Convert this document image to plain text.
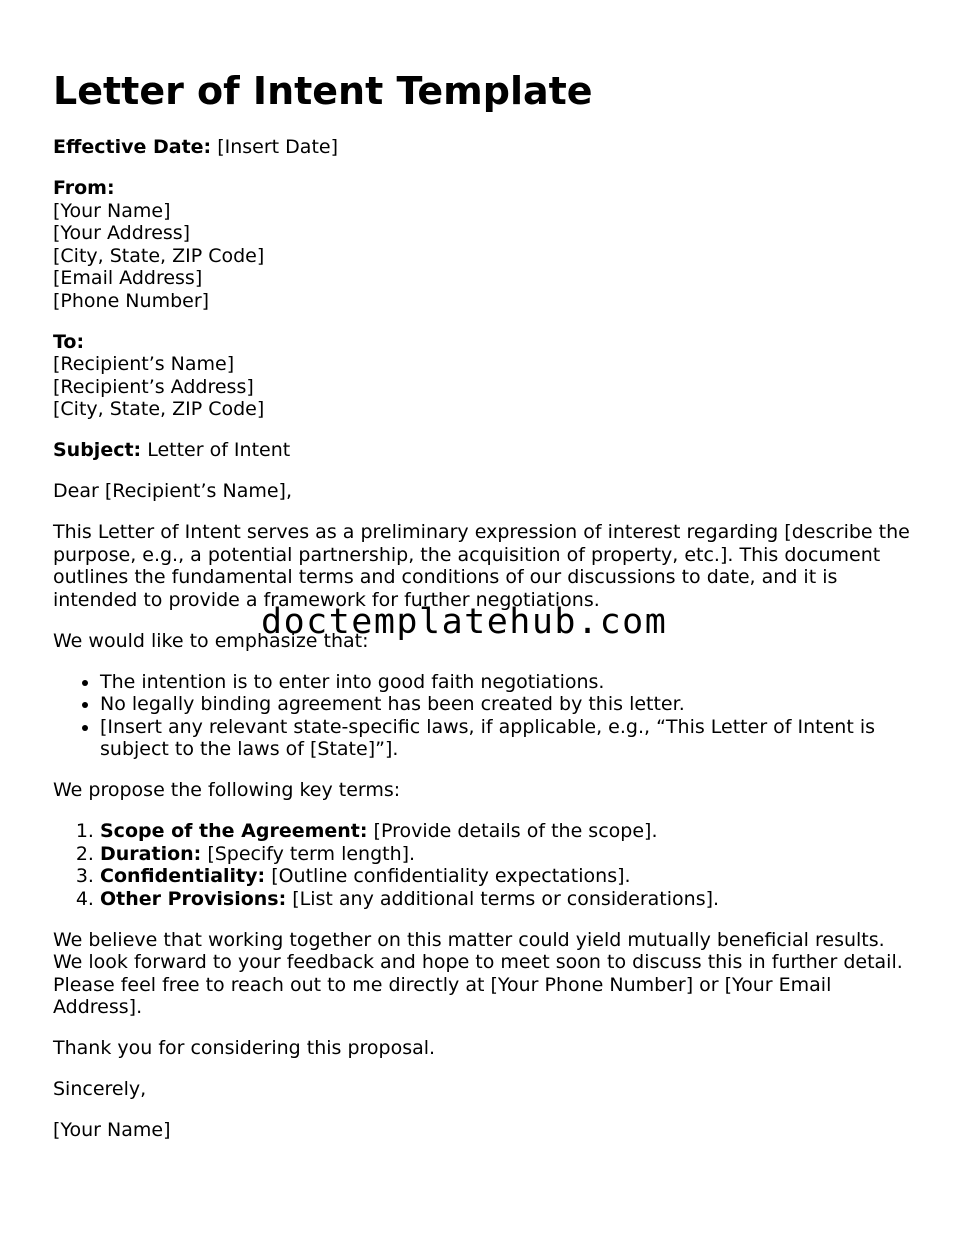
Letter of Intent Template

Effective Date: [Insert Date]

From:
[Your Name]
[Your Address]
[City, State, ZIP Code]
[Email Address]
[Phone Number]
To:
[Recipient’s Name]
[Recipient’s Address]
[City, State, ZIP Code]

Subject: Letter of Intent

Dear [Recipient’s Name],

This Letter of Intent serves as a preliminary expression of interest regarding [describe the purpose, e.g., a potential partnership, the acquisition of property, etc.]. This document outlines the fundamental terms and conditions of our discussions to date, and it is intended to provide a framework for further negotiations.

We would like to emphasize that:

• The intention is to enter into good faith negotiations.
• No legally binding agreement has been created by this letter.
• [Insert any relevant state-specific laws, if applicable, e.g., “This Letter of Intent is subject to the laws of [State]”].

We propose the following key terms:

1. Scope of the Agreement: [Provide details of the scope].
2. Duration: [Specify term length].
3. Confidentiality: [Outline confidentiality expectations].
4. Other Provisions: [List any additional terms or considerations].

We believe that working together on this matter could yield mutually beneficial results. We look forward to your feedback and hope to meet soon to discuss this in further detail. Please feel free to reach out to me directly at [Your Phone Number] or [Your Email Address].

Thank you for considering this proposal.

Sincerely,

[Your Name]

doctemplatehub.com
